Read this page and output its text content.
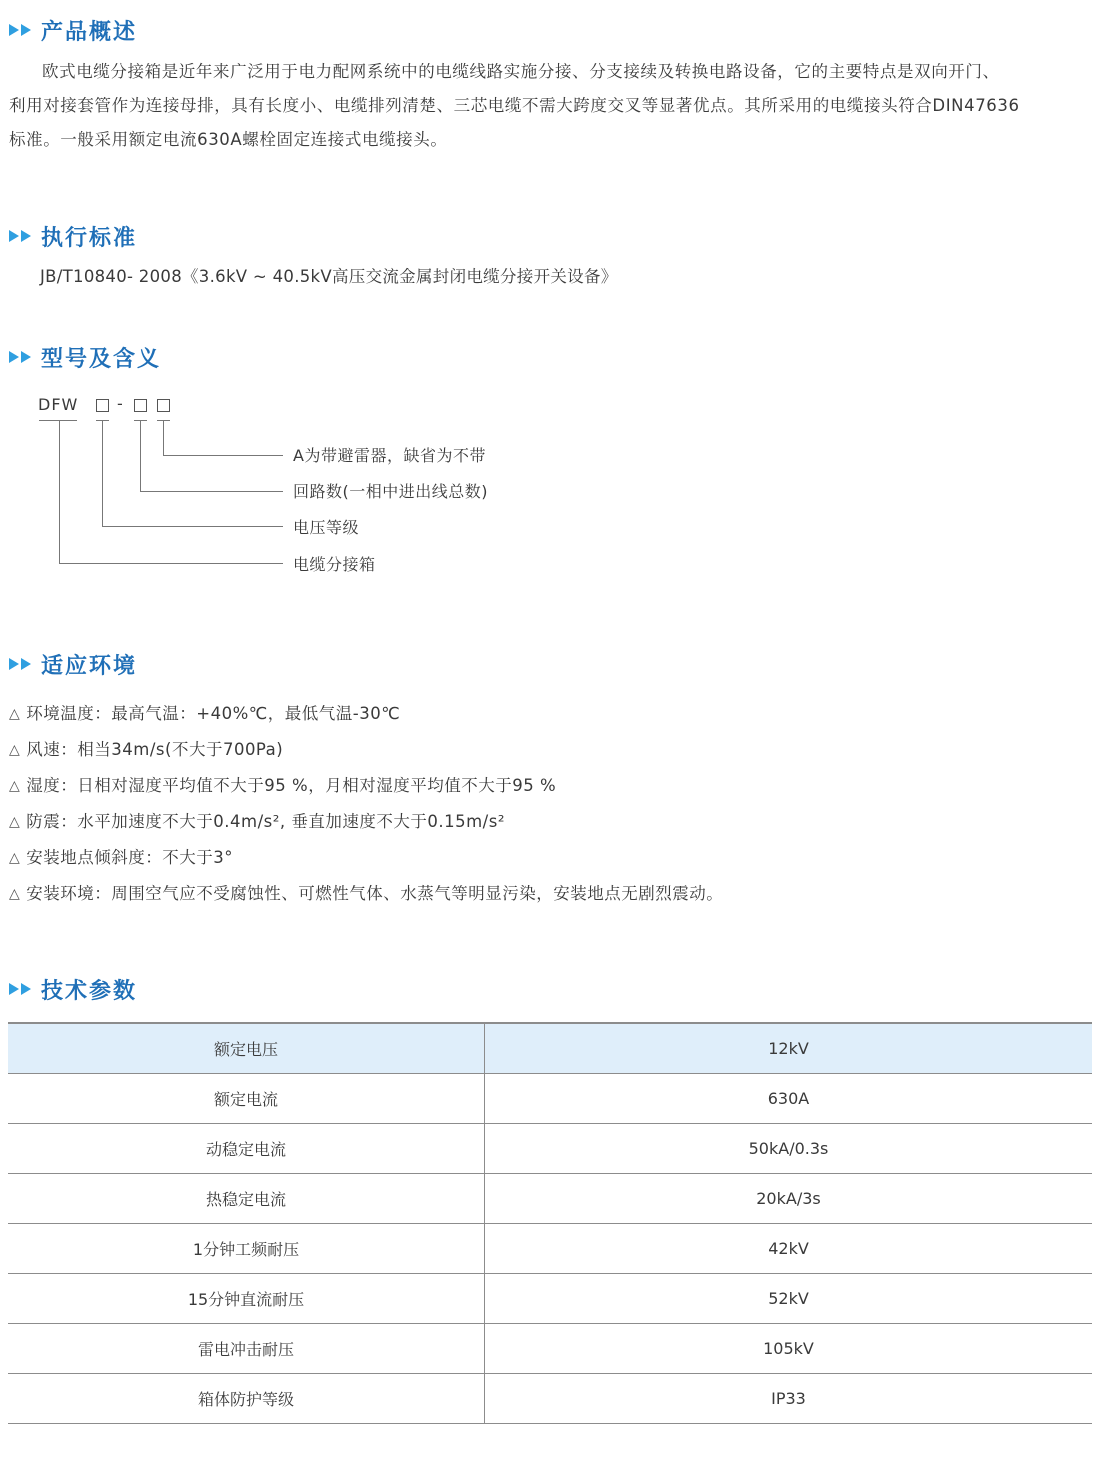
产品概述
欧式电缆分接箱是近年来广泛用于电力配网系统中的电缆线路实施分接、分支接续及转换电路设备，它的主要特点是双向开门、
利用对接套管作为连接母排，具有长度小、电缆排列清楚、三芯电缆不需大跨度交叉等显著优点。其所采用的电缆接头符合DIN47636
标准。一般采用额定电流630A螺栓固定连接式电缆接头。
执行标准
JB/T10840- 2008《3.6kV ~ 40.5kV高压交流金属封闭电缆分接开关设备》
型号及含义
DFW -
A为带避雷器，缺省为不带
回路数(一相中进出线总数)
电压等级
电缆分接箱
适应环境
△ 环境温度：最高气温：+40%℃，最低气温-30℃
△ 风速：相当34m/s(不大于700Pa)
△ 湿度：日相对湿度平均值不大于95 %，月相对湿度平均值不大于95 %
△ 防震：水平加速度不大于0.4m/s², 垂直加速度不大于0.15m/s²
△ 安装地点倾斜度：不大于3°
△ 安装环境：周围空气应不受腐蚀性、可燃性气体、水蒸气等明显污染，安装地点无剧烈震动。
技术参数
额定电压	12kV
额定电流	630A
动稳定电流	50kA/0.3s
热稳定电流	20kA/3s
1分钟工频耐压	42kV
15分钟直流耐压	52kV
雷电冲击耐压	105kV
箱体防护等级	IP33
